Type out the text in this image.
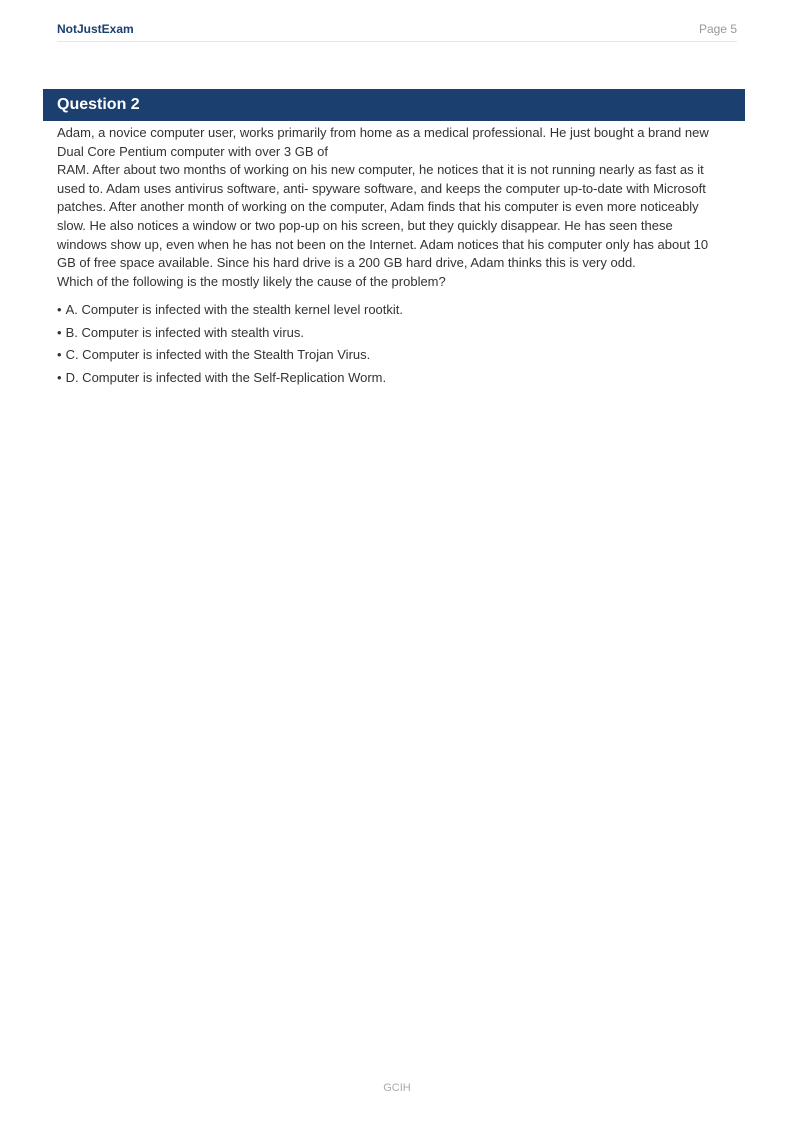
NotJustExam	Page 5
Question 2

Adam, a novice computer user, works primarily from home as a medical professional. He just bought a brand new

Dual Core Pentium computer with over 3 GB of

RAM. After about two months of working on his new computer, he notices that it is not running nearly as fast as it

used to. Adam uses antivirus software, anti- spyware software, and keeps the computer up-to-date with Microsoft

patches. After another month of working on the computer, Adam finds that his computer is even more noticeably

slow. He also notices a window or two pop-up on his screen, but they quickly disappear. He has seen these

windows show up, even when he has not been on the Internet. Adam notices that his computer only has about 10

GB of free space available. Since his hard drive is a 200 GB hard drive, Adam thinks this is very odd.

Which of the following is the mostly likely the cause of the problem?

• A. Computer is infected with the stealth kernel level rootkit.
• B. Computer is infected with stealth virus.
• C. Computer is infected with the Stealth Trojan Virus.
• D. Computer is infected with the Self-Replication Worm.
GCIH
